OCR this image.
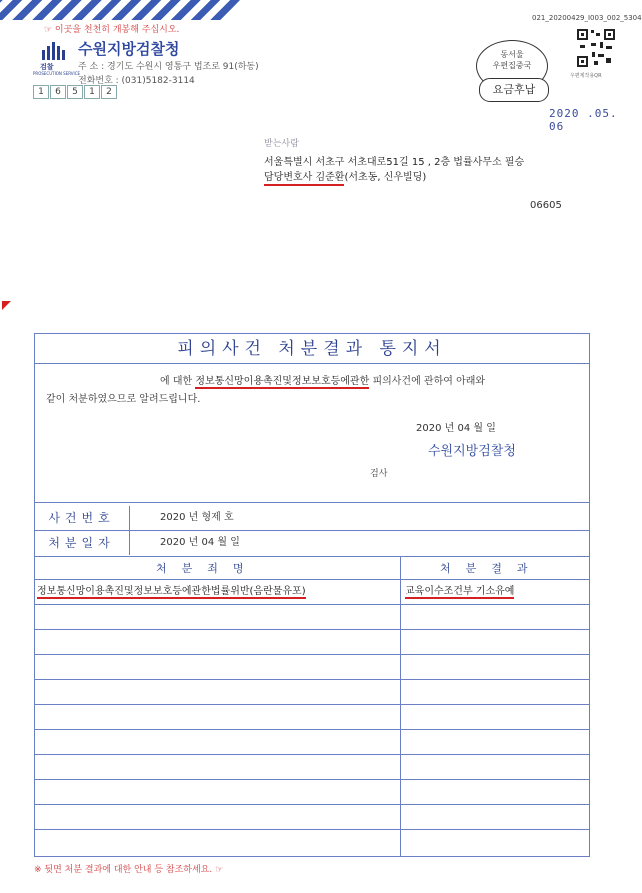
☞ 이곳을 천천히 개봉해 주십시오.
검찰
PROSECUTION SERVICE
수원지방검찰청
주 소 : 경기도 수원시 영통구 법조로 91(하동)
전화번호 : (031)5182-3114
1	6	5	1	2
021_20200429_I003_002_5304
동서울
우편집중국
요금후납
우편제작용QR
2020 .05. 06
받는사람
서울특별시 서초구 서초대로51길 15 , 2층 법률사무소 필승
담당변호사 김준환(서초동, 신우빌딩)
06605
피의사건 처분결과 통지서
에 대한 정보통신망이용촉진및정보보호등에관한 피의사건에 관하여 아래와
같이 처분하였으므로 알려드립니다.
2020 년 04 월 일
수원지방검찰청
검사
사건번호	2020 년 형제 호
처분일자	2020 년 04 월 일
처분죄명	처분결과
정보통신망이용촉진및정보보호등에관한법률위반(음란물유포)	교육이수조건부 기소유예
※ 뒷면 처분 결과에 대한 안내 등 참조하세요. ☞
